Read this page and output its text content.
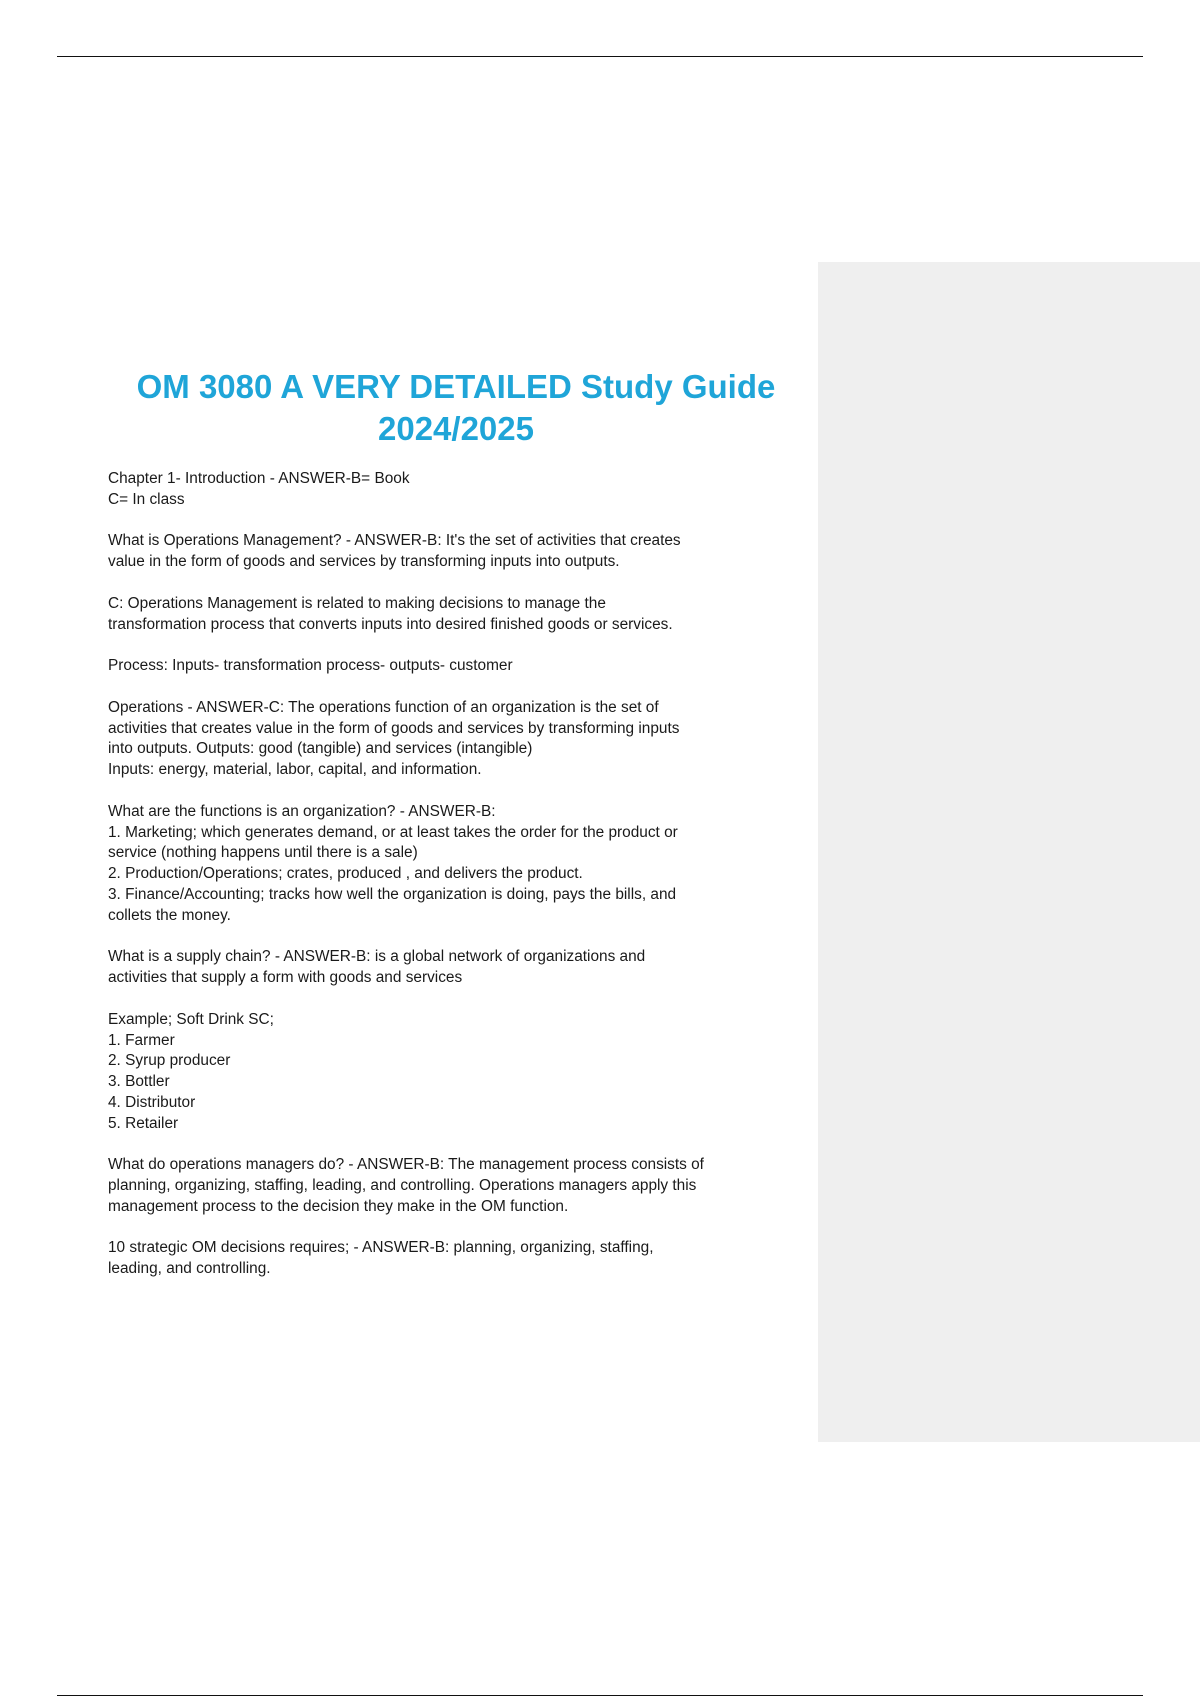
OM 3080 A VERY DETAILED Study Guide
2024/2025

Chapter 1- Introduction - ANSWER-B= Book
C= In class

What is Operations Management? - ANSWER-B: It's the set of activities that creates
value in the form of goods and services by transforming inputs into outputs.

C: Operations Management is related to making decisions to manage the
transformation process that converts inputs into desired finished goods or services.

Process: Inputs- transformation process- outputs- customer

Operations - ANSWER-C: The operations function of an organization is the set of
activities that creates value in the form of goods and services by transforming inputs
into outputs. Outputs: good (tangible) and services (intangible)
Inputs: energy, material, labor, capital, and information.

What are the functions is an organization? - ANSWER-B:
1. Marketing; which generates demand, or at least takes the order for the product or
service (nothing happens until there is a sale)
2. Production/Operations; crates, produced , and delivers the product.
3. Finance/Accounting; tracks how well the organization is doing, pays the bills, and
collets the money.

What is a supply chain? - ANSWER-B: is a global network of organizations and
activities that supply a form with goods and services

Example; Soft Drink SC;
1. Farmer
2. Syrup producer
3. Bottler
4. Distributor
5. Retailer

What do operations managers do? - ANSWER-B: The management process consists of
planning, organizing, staffing, leading, and controlling. Operations managers apply this
management process to the decision they make in the OM function.

10 strategic OM decisions requires; - ANSWER-B: planning, organizing, staffing,
leading, and controlling.
